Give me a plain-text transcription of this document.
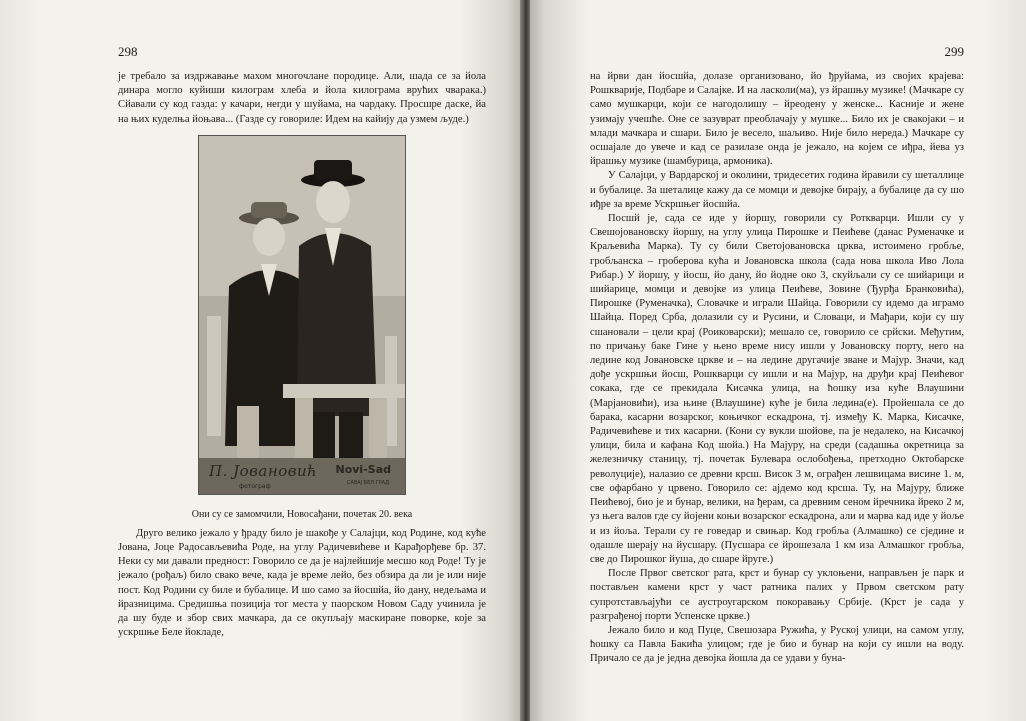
298

је требало за издржавање махом многочлане породице. Али, шада се за йола динара могло куйиши килограм хлеба и йола килограма врућих чварака.) Сйавали су код газда: у качари, негди у шуйама, на чардаку. Просшре даске, йа на њих куделња йоњава... (Газде су говориле: Идем на кайију да узмем људе.)

П. Јовановић
фотограф
Novi-Sad
САВАЈ БЕЛ ГРАД
Они су се замомчили, Новосађани, почетак 20. века

Друго велико јежало у ђраду било је шакође у Салајци, код Родине, код куће Јована, Јоце Радосављевића Роде, на углу Радичевићеве и Карађорђеве бр. 37. Неки су ми давали предност: Говорило се да је најлейшије месшо код Роде! Ту је јежало (рођаљ) било свако вече, када је време лейо, без обзира да ли је или није пост. Код Родини су биле и бубалице. И шо само за йосшйа, йо дану, недељама и йразницима. Средишња позиција тог места у паорском Новом Саду учинила је да шу буде и збор свих мачкара, да се окупљају маскиране поворке, које за ускршње Беле йокладе,

299

на йрви дан йосшйа, долазе организовано, йо ђруйама, из својих крајева: Рошкварије, Подбаре и Салајке. И на ласколи(ма), уз йрашњу музике! (Мачкаре су само мушкарци, који се нагодолишу – йреодену у женске... Касније и жене узимају учешће. Оне се зазуврат преоблачају у мушке... Било их је свакојаки – и млади мачкара и сшари. Било је весело, шаљиво. Није било нереда.) Мачкаре су осшајале до увече и кад се разилазе онда је јежало, на којем се иђра, йева уз йрашњу музике (шамбурица, армоника).

У Салајци, у Вардарској и околини, тридесетих година йравили су шеталлице и бубалице. За шеталице кажу да се момци и девојке бирају, а бубалице да су шо иђре за време Ускршњег йосшйа.

Посшй је, сада се иде у йоршу, говорили су Роткварци. Ишли су у Свешојовановску йоршу, на углу улица Пирошке и Пеићеве (данас Руменачке и Краљевића Марка). Ту су били Светојовановска црква, истоимено гробље, гробљанска – гроберова кућа и Јовановска школа (сада нова школа Иво Лола Рибар.) У йоршу, у йосш, йо дану, йо йодне око 3, скуйљали су се шийарици и шийарице, момци и девојке из улица Пеићеве, Зовине (Ђурђа Бранковића), Пирошке (Руменачка), Словачке и играли Шайца. Говорили су идемо да играмо Шайца. Поред Срба, долазили су и Русини, и Словаци, и Мађари, који су шу сшановали – цели крај (Роиковарски); мешало се, говорило се срйски. Међутим, по причању баке Гине у њено време нису ишли у Јовановску порту, него на ледине код Јовановске цркве и – на ледине другачије зване и Мајур. Значи, кад дође ускршњи йосш, Рошкварци су ишли и на Мајур, на друђи крај Пеићевог сокака, где се прекидала Кисачка улица, на ћошку иза куће Влаушини (Марјановићи), иза њине (Влаушине) куће је била ледина(е). Пройешала се до барака, касарни возарског, коњичког ескадрона, тј. између К. Марка, Кисачке, Радичевићеве и тих касарни. (Кони су вукли шойове, па је недалеко, на Кисачкој улици, била и кафана Код шойа.) На Мајуру, на среди (садашња окретница за железничку станицу, тј. почетак Булевара ослобођења, претходно Октобарске револуције), налазио се древни крсш. Висок 3 м, ограђен лешвицама висине 1. м, све офарбано у црвено. Говорило се: ајдемо код крсша. Ту, на Мајуру, ближе Пеићевој, био је и бунар, велики, на ђерам, са древним сеном йречника йреко 2 м, уз њега валов где су йојени коњи возарског ескадрона, али и марва кад иде у йоље и из йоља. Терали су ге говедар и свињар. Код гробља (Алмашко) се сједине и одашле шерају на йусшару. (Пусшара се йрошезала 1 км иза Алмашког гробља, све до Пирошког йуша, до сшаре йруге.)

После Првог светског рата, крст и бунар су уклоњени, направљен је парк и постављен камени крст у част ратника палих у Првом светском рату супротстављајући се аустроугарском покоравању Србије. (Крст је сада у разграђеној порти Успенске цркве.)

Јежало било и код Пуце, Свешозара Ружића, у Руској улици, на самом углу, ћошку са Павла Бакића улицом; где је био и бунар на који су ишли на воду. Причало се да је једна девојка йошла да се удави у буна-
